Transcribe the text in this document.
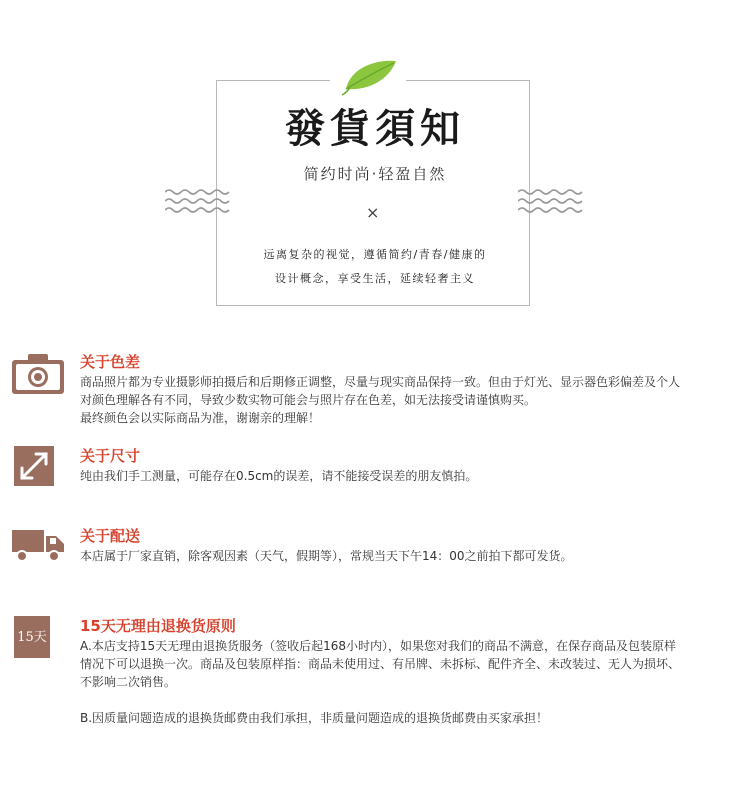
發貨須知
简约时尚·轻盈自然
×
远离复杂的视觉，遵循简约/青春/健康的
设计概念，享受生活，延续轻奢主义
关于色差

商品照片都为专业摄影师拍摄后和后期修正调整，尽量与现实商品保持一致。但由于灯光、显示器色彩偏差及个人

对颜色理解各有不同，导致少数实物可能会与照片存在色差，如无法接受请谨慎购买。

最终颜色会以实际商品为准，谢谢亲的理解！

关于尺寸

纯由我们手工测量，可能存在0.5cm的误差，请不能接受误差的朋友慎拍。

关于配送

本店属于厂家直销，除客观因素（天气，假期等），常规当天下午14：00之前拍下都可发货。

15天
15天无理由退换货原则

A.本店支持15天无理由退换货服务（签收后起168小时内），如果您对我们的商品不满意，在保存商品及包装原样

情况下可以退换一次。商品及包装原样指：商品未使用过、有吊牌、未拆标、配件齐全、未改装过、无人为损坏、

不影响二次销售。

B.因质量问题造成的退换货邮费由我们承担，非质量问题造成的退换货邮费由买家承担！
